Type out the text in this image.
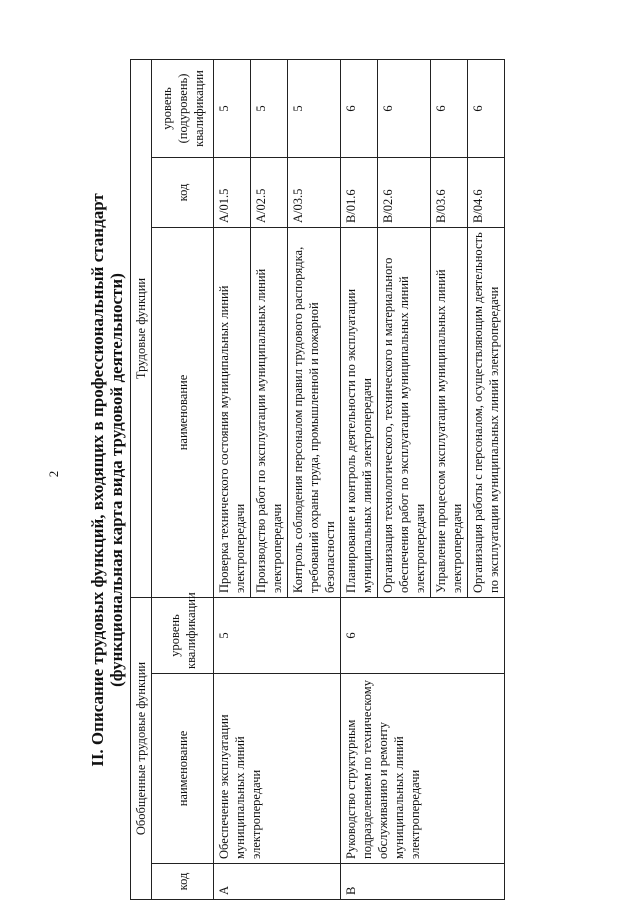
2 II. Описание трудовых функций, входящих в профессиональный стандарт (функциональная карта вида трудовой деятельности)
Обобщенные трудовые функции			Трудовые функции		
код	наименование	уровень квалификации	наименование	код	уровень (подуровень) квалификации
А	Обеспечение эксплуатации муниципальных линий электропередачи	5	Проверка технического состояния муниципальных линий электропередачи	А/01.5	5
			Производство работ по эксплуатации муниципальных линий электропередачи	А/02.5	5
			Контроль соблюдения персоналом правил трудового распорядка, требований охраны труда, промышленной и пожарной безопасности	А/03.5	5
В	Руководство структурным подразделением по техническому обслуживанию и ремонту муниципальных линий электропередачи	6	Планирование и контроль деятельности по эксплуатации муниципальных линий электропередачи	В/01.6	6
			Организация технологического, технического и материального обеспечения работ по эксплуатации муниципальных линий электропередачи	В/02.6	6
			Управление процессом эксплуатации муниципальных линий электропередачи	В/03.6	6
			Организация работы с персоналом, осуществляющим деятельность по эксплуатации муниципальных линий электропередачи	В/04.6	6
